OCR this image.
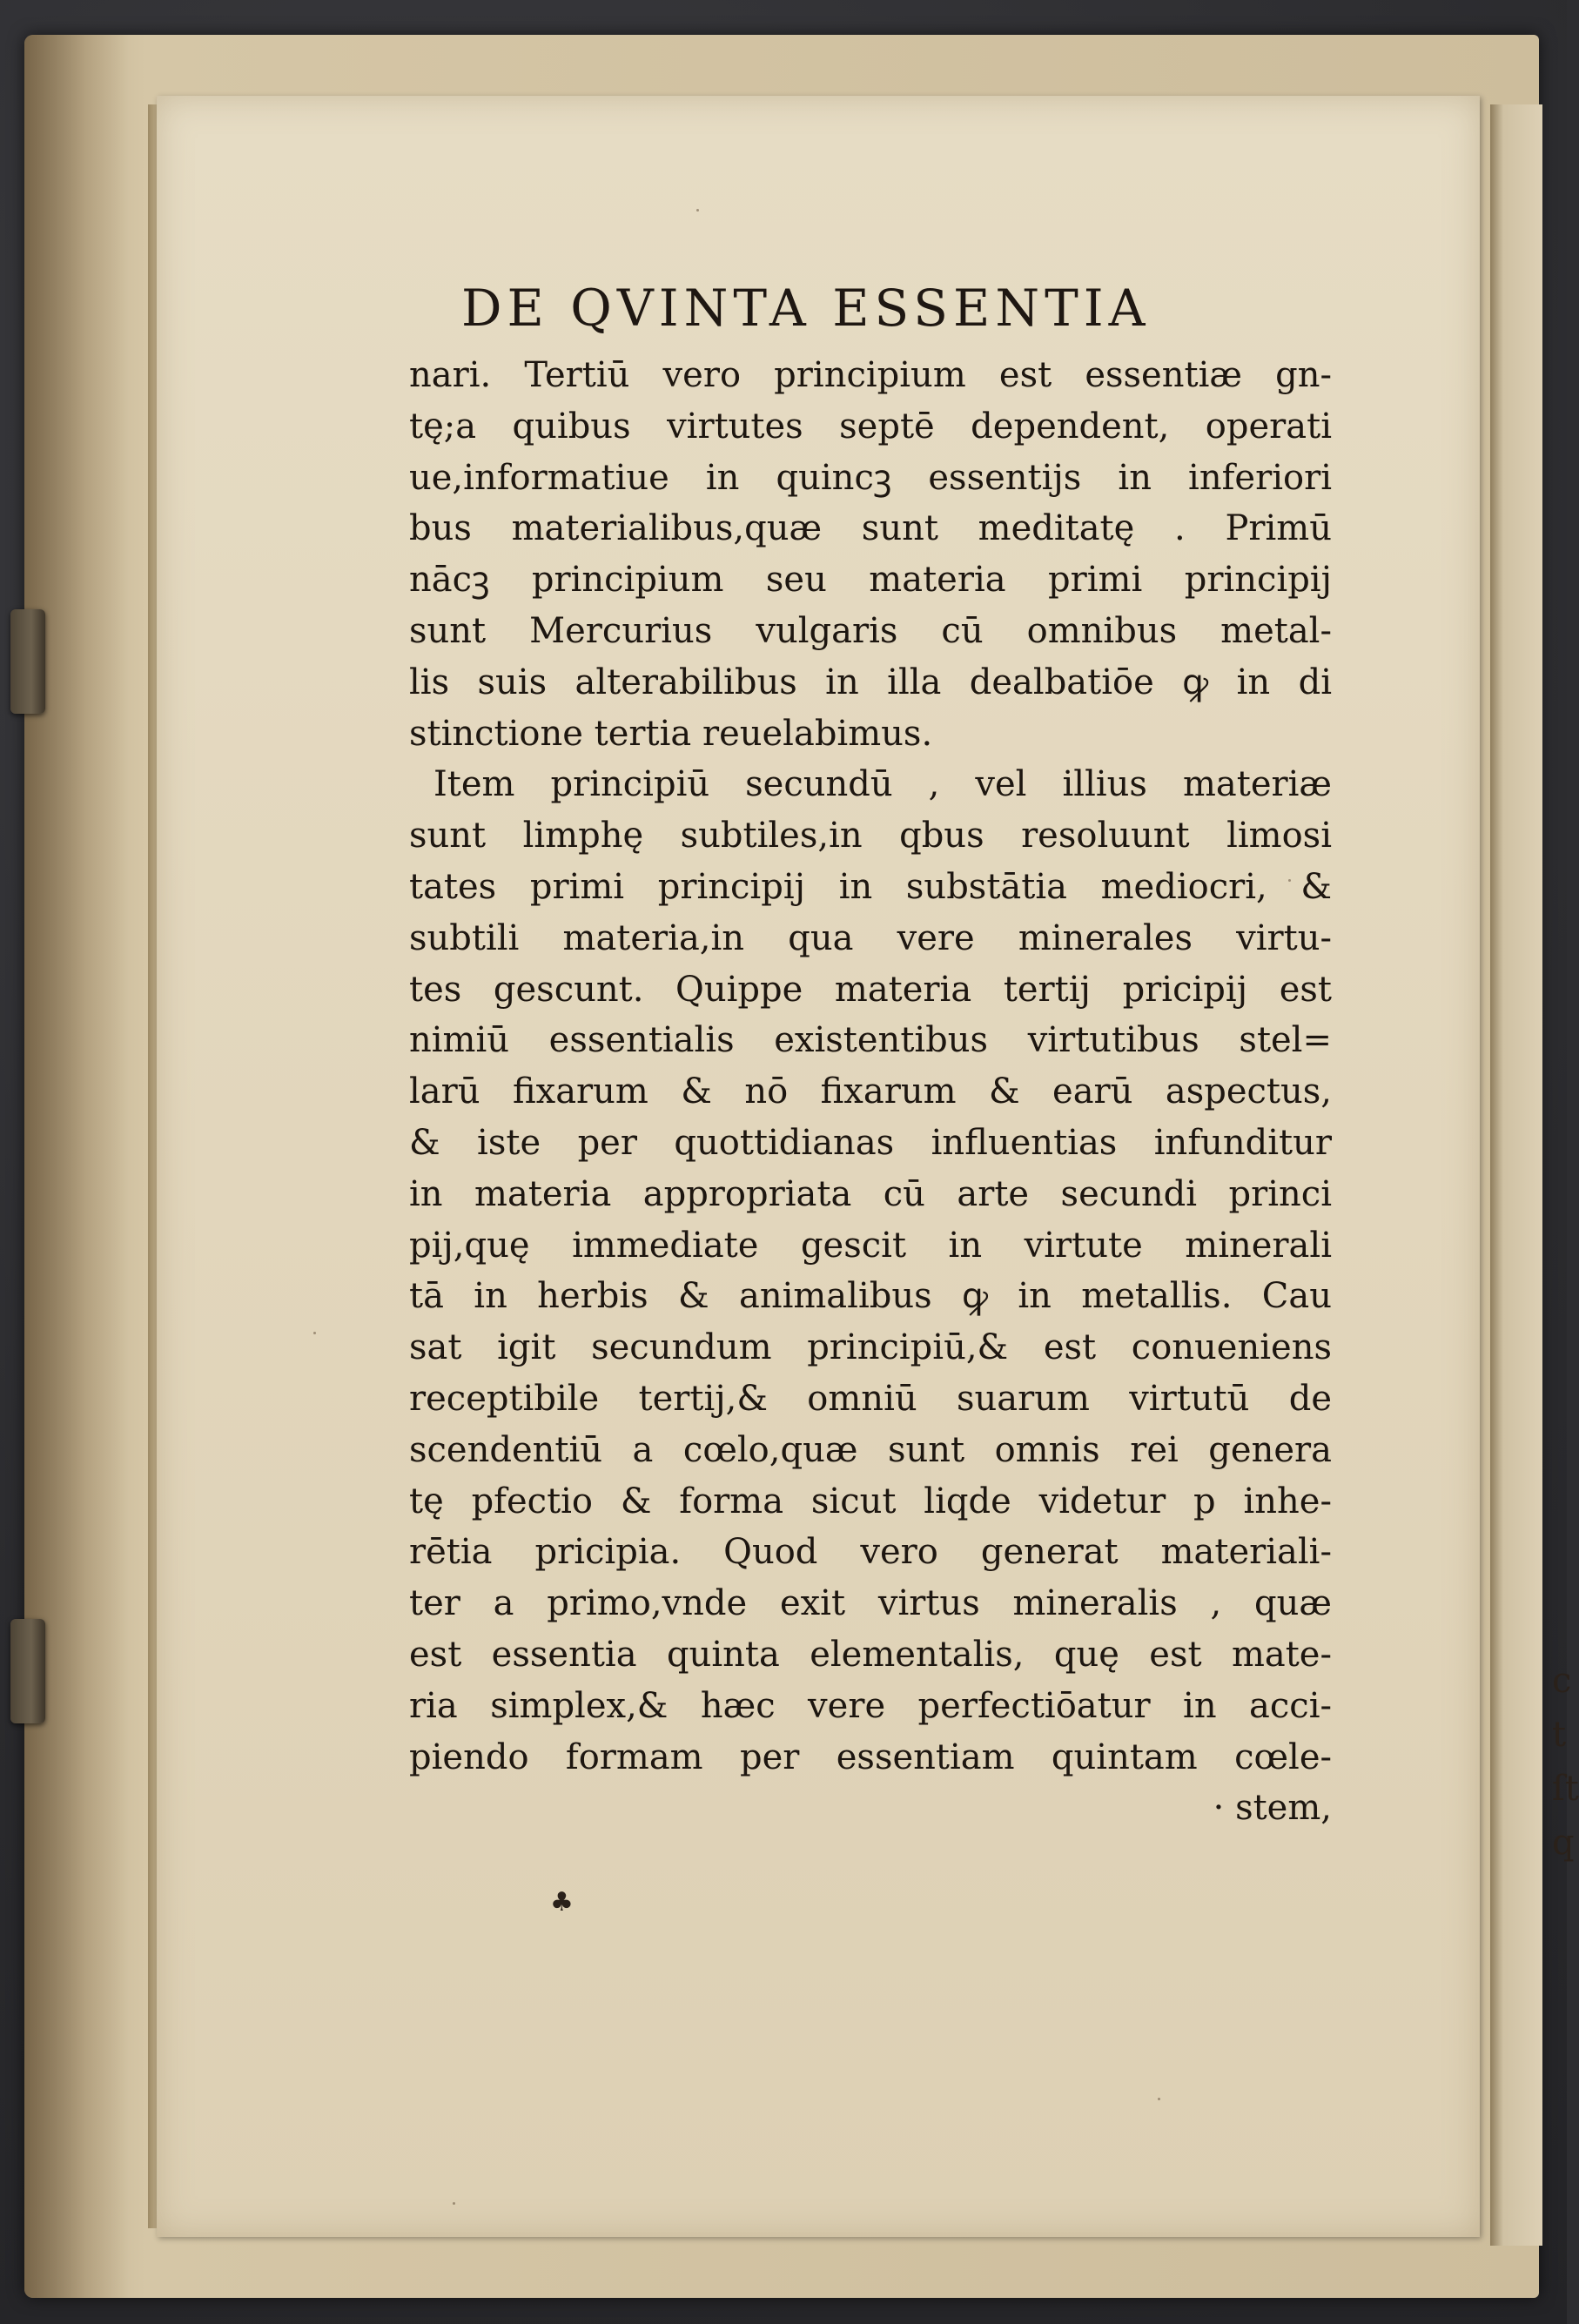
c
t
ſt
q
DE QVINTA ESSENTIA
nari. Tertiū vero principium est essentiæ gn-
tę;a quibus virtutes septē dependent, operati
ue,informatiue in quincꝫ essentijs in inferiori
bus materialibus,quæ sunt meditatę . Primū
nācꝫ principium seu materia primi principij
sunt Mercurius vulgaris cū omnibus metal-
lis suis alterabilibus in illa dealbatiōe ꝙ in di
stinctione tertia reuelabimus.
Item principiū secundū , vel illius materiæ
sunt limphę subtiles,in qbus resoluunt limosi
tates primi principij in substātia mediocri, &
subtili materia,in qua vere minerales virtu-
tes gescunt. Quippe materia tertij pricipij est
nimiū essentialis existentibus virtutibus stel=
larū fixarum & nō fixarum & earū aspectus,
& iste per quottidianas influentias infunditur
in materia appropriata cū arte secundi princi
pij,quę immediate gescit in virtute minerali
tā in herbis & animalibus ꝙ in metallis. Cau
sat igit secundum principiū,& est conueniens
receptibile tertij,& omniū suarum virtutū de
scendentiū a cœlo,quæ sunt omnis rei genera
tę pfectio & forma sicut liqde videtur p inhe-
rētia pricipia. Quod vero generat materiali-
ter a primo,vnde exit virtus mineralis , quæ
est essentia quinta elementalis, quę est mate-
ria simplex,& hæc vere perfectiōatur in acci-
piendo formam per essentiam quintam cœle-
· stem,
♣
